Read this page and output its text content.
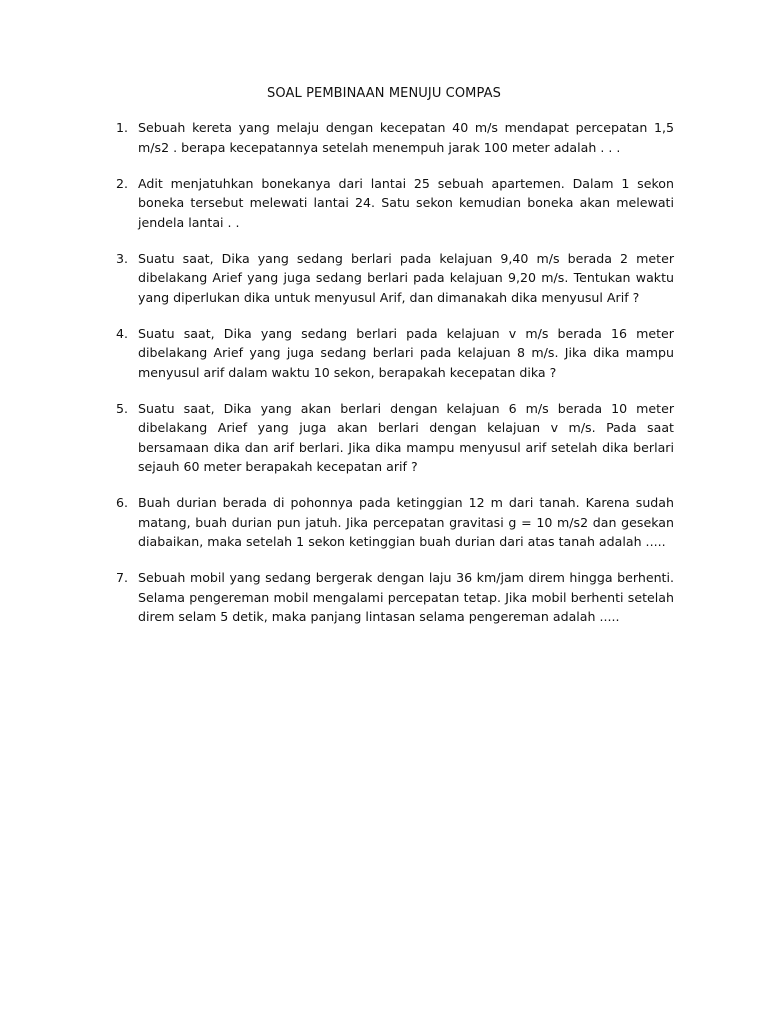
SOAL PEMBINAAN MENUJU COMPAS
1. Sebuah kereta yang melaju dengan kecepatan 40 m/s mendapat percepatan 1,5 m/s2 . berapa kecepatannya setelah menempuh jarak 100 meter adalah . . .
2. Adit menjatuhkan bonekanya dari lantai 25 sebuah apartemen. Dalam 1 sekon boneka tersebut melewati lantai 24. Satu sekon kemudian boneka akan melewati jendela lantai . .
3. Suatu saat, Dika yang sedang berlari pada kelajuan 9,40 m/s berada 2 meter dibelakang Arief yang juga sedang berlari pada kelajuan 9,20 m/s. Tentukan waktu yang diperlukan dika untuk menyusul Arif, dan dimanakah dika menyusul Arif ?
4. Suatu saat, Dika yang sedang berlari pada kelajuan v m/s berada 16 meter dibelakang Arief yang juga sedang berlari pada kelajuan 8 m/s. Jika dika mampu menyusul arif dalam waktu 10 sekon, berapakah kecepatan dika ?
5. Suatu saat, Dika yang akan berlari dengan kelajuan 6 m/s berada 10 meter dibelakang Arief yang juga akan berlari dengan kelajuan v m/s. Pada saat bersamaan dika dan arif berlari. Jika dika mampu menyusul arif setelah dika berlari sejauh 60 meter berapakah kecepatan arif ?
6. Buah durian berada di pohonnya pada ketinggian 12 m dari tanah. Karena sudah matang, buah durian pun jatuh. Jika percepatan gravitasi g = 10 m/s2 dan gesekan diabaikan, maka setelah 1 sekon ketinggian buah durian dari atas tanah adalah .....
7. Sebuah mobil yang sedang bergerak dengan laju 36 km/jam direm hingga berhenti. Selama pengereman mobil mengalami percepatan tetap. Jika mobil berhenti setelah direm selam 5 detik, maka panjang lintasan selama pengereman adalah .....
